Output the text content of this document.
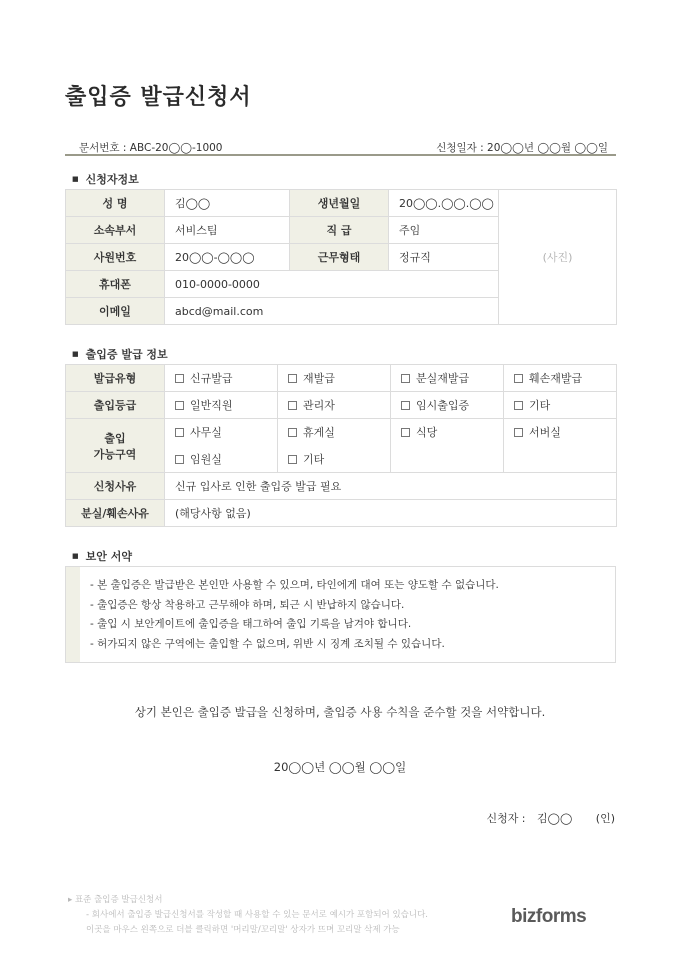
출입증 발급신청서
문서번호 : ABC-20◯◯-1000	신청일자 : 20◯◯년 ◯◯월 ◯◯일
■ 신청자정보
성 명	김◯◯	생년월일	20◯◯.◯◯.◯◯	(사진)
소속부서	서비스팀	직 급	주임	
사원번호	20◯◯-◯◯◯	근무형태	정규직	
휴대폰	010-0000-0000			
이메일	abcd@mail.com			
■ 출입증 발급 정보
발급유형	신규발급	재발급	분실재발급	훼손재발급
출입등급	일반직원	관리자	임시출입증	기타

출입
가능구역	사무실	휴게실	식당	서버실
	임원실	기타		
신청사유	신규 입사로 인한 출입증 발급 필요			
분실/훼손사유	(해당사항 없음)			
■ 보안 서약
- 본 출입증은 발급받은 본인만 사용할 수 있으며, 타인에게 대여 또는 양도할 수 없습니다.
- 출입증은 항상 착용하고 근무해야 하며, 퇴근 시 반납하지 않습니다.
- 출입 시 보안게이트에 출입증을 태그하여 출입 기록을 남겨야 합니다.
- 허가되지 않은 구역에는 출입할 수 없으며, 위반 시 징계 조치될 수 있습니다.
상기 본인은 출입증 발급을 신청하며, 출입증 사용 수칙을 준수할 것을 서약합니다.
20◯◯년 ◯◯월 ◯◯일
신청자 : 김◯◯ (인)
▸ 표준 출입증 발급신청서
- 회사에서 출입증 발급신청서를 작성할 때 사용할 수 있는 문서로 예시가 포함되어 있습니다.
이곳을 마우스 왼쪽으로 더블 클릭하면 '머리말/꼬리말' 상자가 뜨며 꼬리말 삭제 가능
bizforms
